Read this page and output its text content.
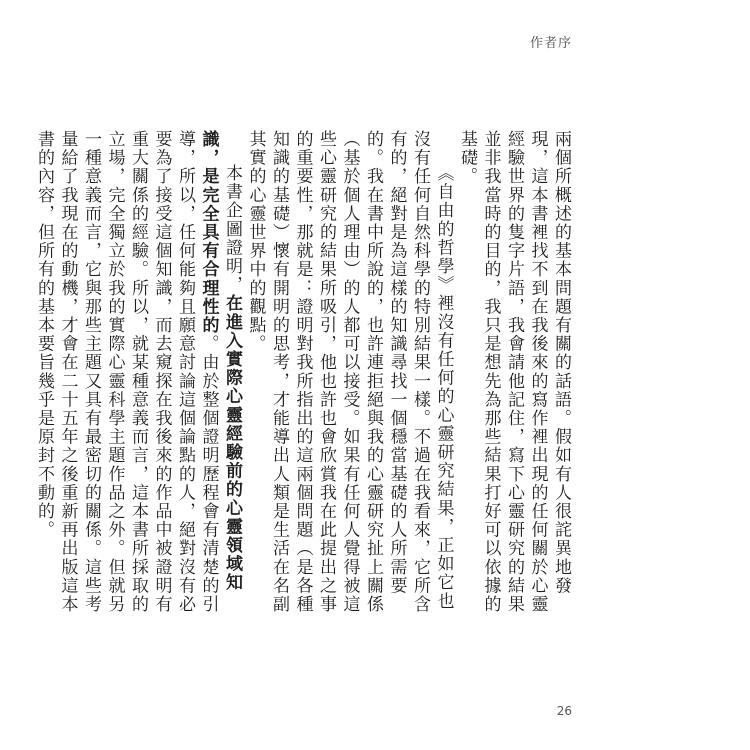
作者序

兩個所概述的基本問題有關的話語。假如有人很詫異地發現，這本書裡找不到在我後來的寫作裡出現的任何關於心靈經驗世界的隻字片語，我會請他記住，寫下心靈研究的結果並非我當時的目的，我只是想先為那些結果打好可以依據的基礎。

《自由的哲學》裡沒有任何的心靈研究結果，正如它也沒有任何自然科學的特別結果一樣。不過在我看來，它所含有的，絕對是為這樣的知識尋找一個穩當基礎的人所需要的。我在書中所說的，也許連拒絕與我的心靈研究扯上關係（基於個人理由）的人都可以接受。如果有任何人覺得被這些心靈研究的結果所吸引，他也許也會欣賞我在此提出之事的重要性，那就是：證明對我所指出的這兩個問題（是各種知識的基礎）懷有開明的思考，才能導出人類是生活在名副其實的心靈世界中的觀點。

本書企圖證明，在進入實際心靈經驗前的心靈領域知識，是完全具有合理性的。由於整個證明歷程會有清楚的引導，所以，任何能夠且願意討論這個論點的人，絕對沒有必要為了接受這個知識，而去窺探在我後來的作品中被證明有重大關係的經驗。所以，就某種意義而言，這本書所採取的立場，完全獨立於我的實際心靈科學主題作品之外。但就另一種意義而言，它與那些主題又具有最密切的關係。這些考量給了我現在的動機，才會在二十五年之後重新再出版這本書的內容，但所有的基本要旨幾乎是原封不動的。

26
